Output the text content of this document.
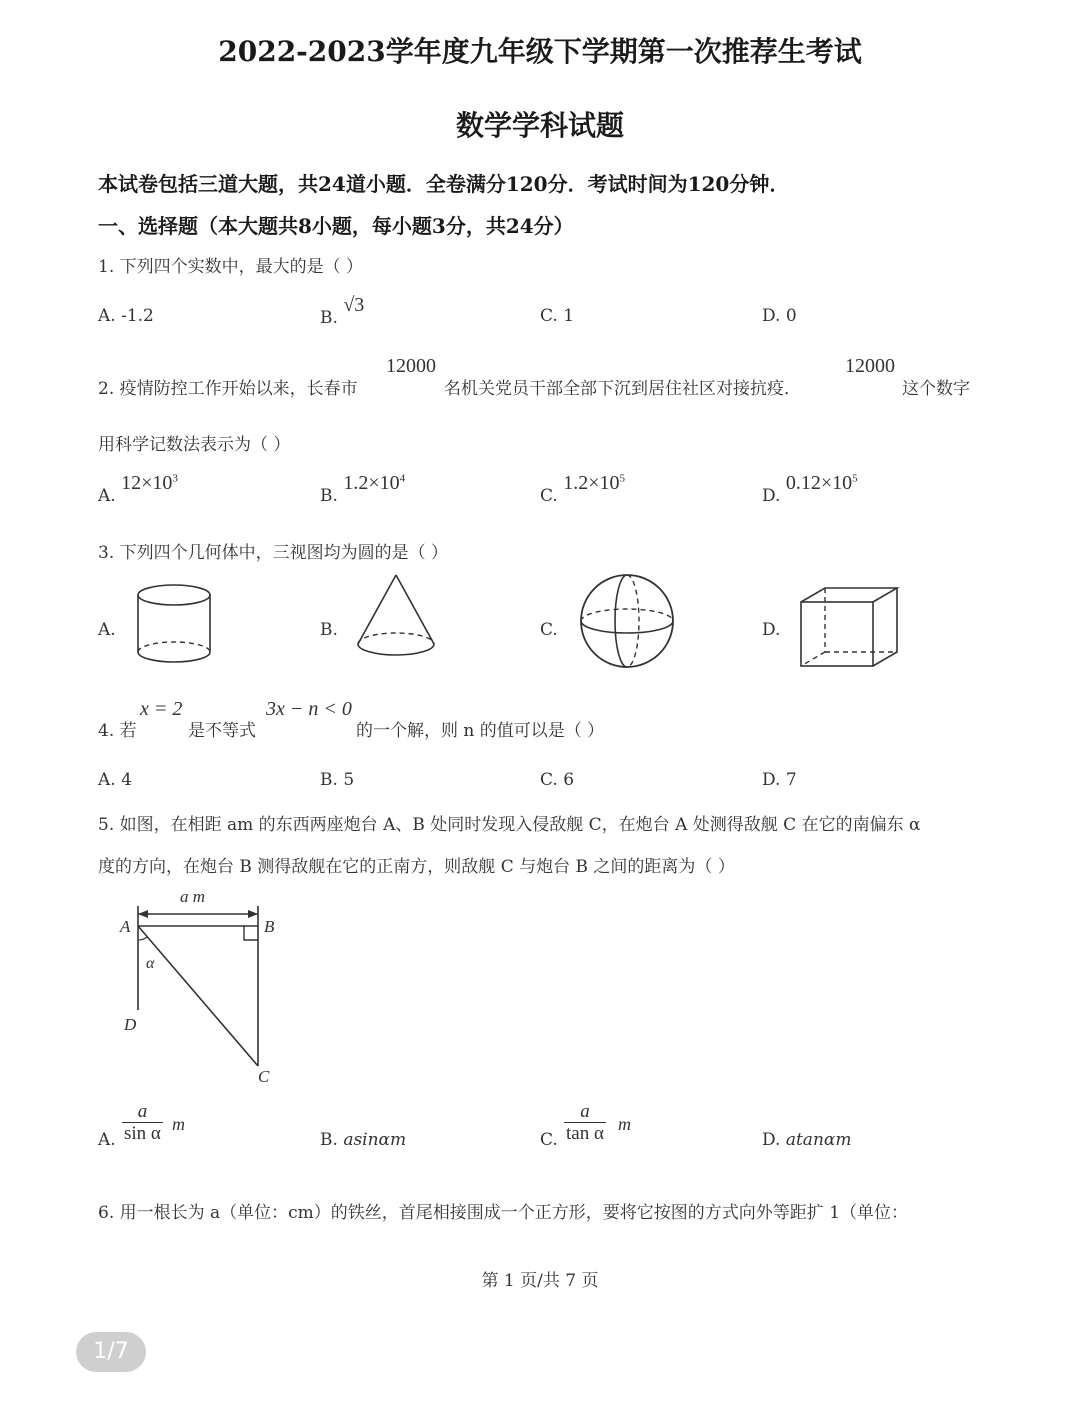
2022-2023学年度九年级下学期第一次推荐生考试
数学学科试题
本试卷包括三道大题，共24道小题．全卷满分120分．考试时间为120分钟．
一、选择题（本大题共8小题，每小题3分，共24分）
1. 下列四个实数中，最大的是（ ）
A. -1.2	B. √3	C. 1	D. 0
2. 疫情防控工作开始以来，长春市
12000
名机关党员干部全部下沉到居住社区对接抗疫．
12000
这个数字
用科学记数法表示为（ ）
A. $12\times 10^3$
B. $1.2\times 10^4$
C. $1.2\times 10^5$
D. $0.12\times 10^5$
3. 下列四个几何体中，三视图均为圆的是（ ）
A.	B.	C.	D.
4. 若
x = 2
是不等式
3x − n < 0
的一个解，则 n 的值可以是（ ）
A. 4	B. 5	C. 6	D. 7
5. 如图，在相距 am 的东西两座炮台 A、B 处同时发现入侵敌舰 C，在炮台 A 处测得敌舰 C 在它的南偏东 α
度的方向，在炮台 B 测得敌舰在它的正南方，则敌舰 C 与炮台 B 之间的距离为（ ）
a m
A	B
D
C
α
A. $\frac{a}{\text{sin α}}$ m
B. asinαm	C. $\frac{a}{\text{tan α}}$ m
D. atanαm
6. 用一根长为 a（单位：cm）的铁丝，首尾相接围成一个正方形，要将它按图的方式向外等距扩 1（单位：
第 1 页/共 7 页
1/7
